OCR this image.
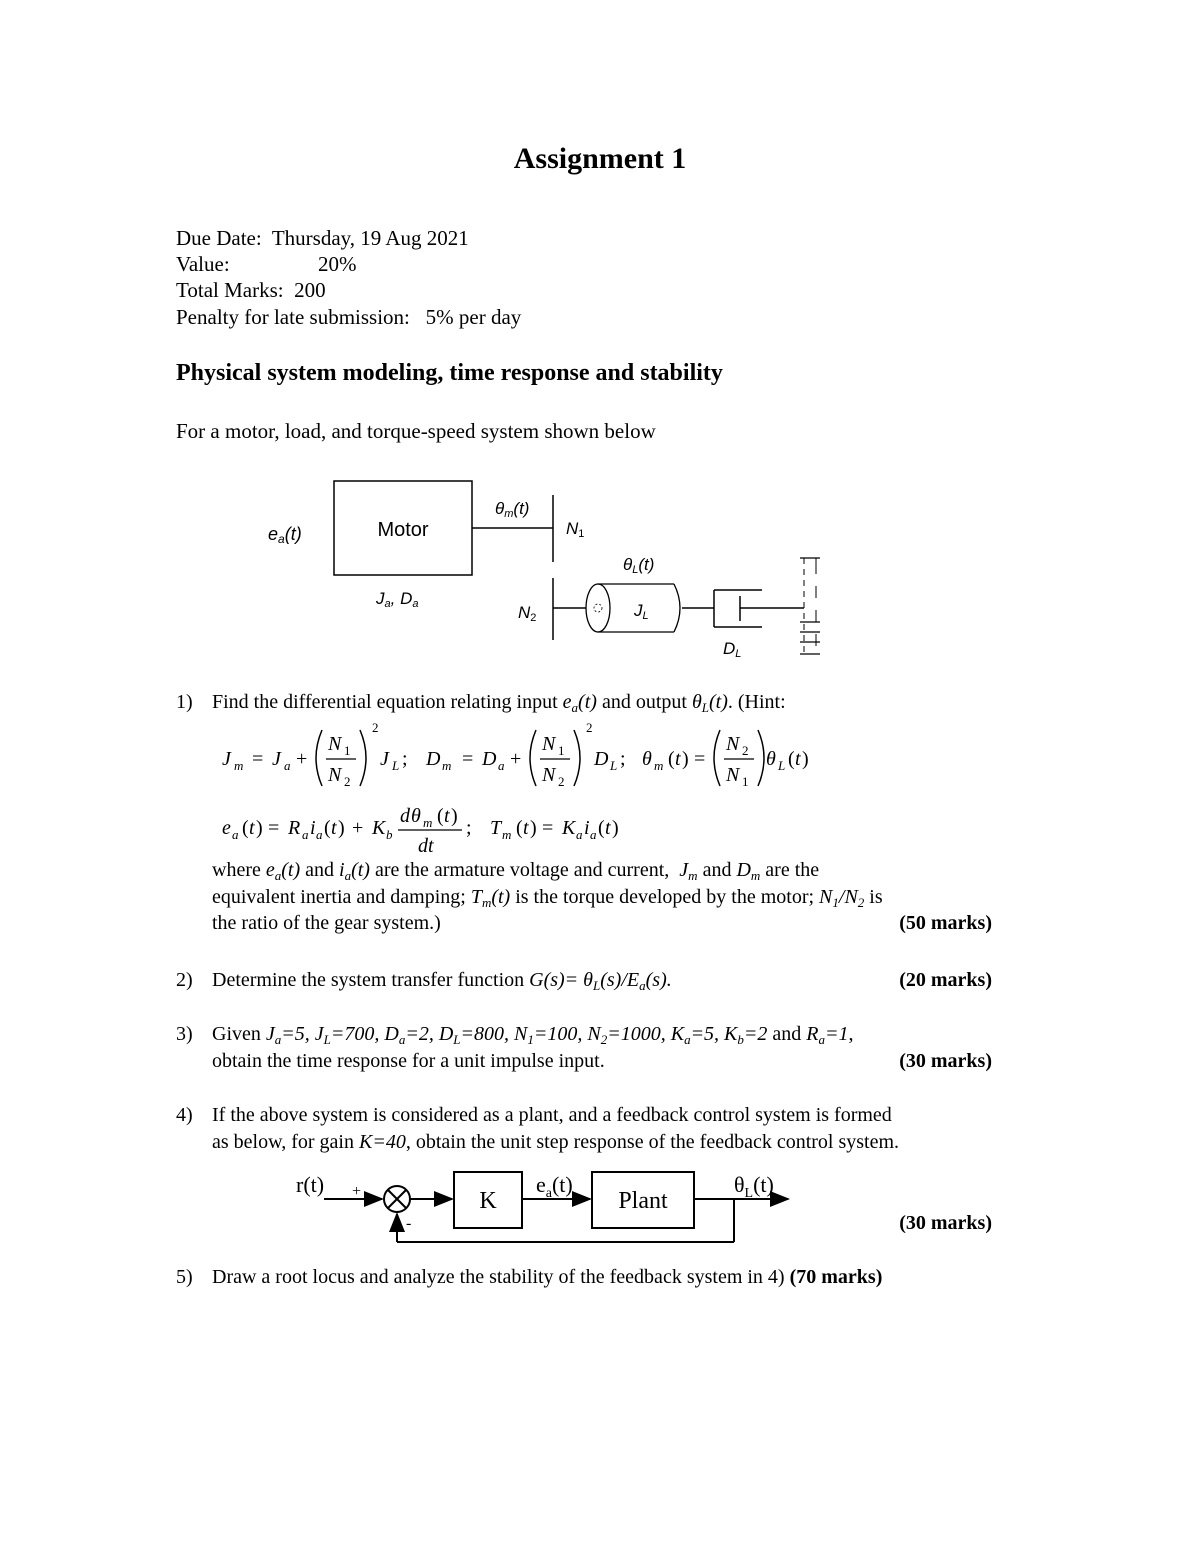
Assignment 1
Due Date: Thursday, 19 Aug 2021
Value:	20%
Total Marks: 200
Penalty for late submission: 5% per day
Physical system modeling, time response and stability
For a motor, load, and torque-speed system shown below
ea(t)	Motor
Ja, Da
θm(t)
N1
θL(t)
N2	JL
DL
1) Find the differential equation relating input $e_a(t)$ and output $\theta_L(t)$. (Hint:
J m = J a +
N 1
N 2
2
J L ; D m = D a +
N 1
N 2
2
D L ; θ m ( t ) =
N 2
N 1
θ L ( t )
e a ( t ) = R a i a ( t ) + K b
d θ m ( t )
dt
; T m ( t ) = K a i a ( t )
where $e_a(t)$ and $i_a(t)$ are the armature voltage and current, $J_m$ and $D_m$ are the
equivalent inertia and damping; $T_m(t)$ is the torque developed by the motor; $N_1/N_2$ is
the ratio of the gear system.)	(50 marks)
2) Determine the system transfer function $G(s)= \theta_L(s)/E_a(s)$.	(20 marks)
3) Given $J_a=5$, $J_L=700$, $D_a=2$, $D_L=800$, $N_1=100$, $N_2=1000$, $K_a=5$, $K_b=2$ and $R_a=1$,
obtain the time response for a unit impulse input.	(30 marks)
4) If the above system is considered as a plant, and a feedback control system is formed
as below, for gain K=40, obtain the unit step response of the feedback control system.
r(t) +
-
K
$e_a(t)$
Plant
$\theta_L(t)$
(30 marks)
5) Draw a root locus and analyze the stability of the feedback system in 4) (70 marks)
